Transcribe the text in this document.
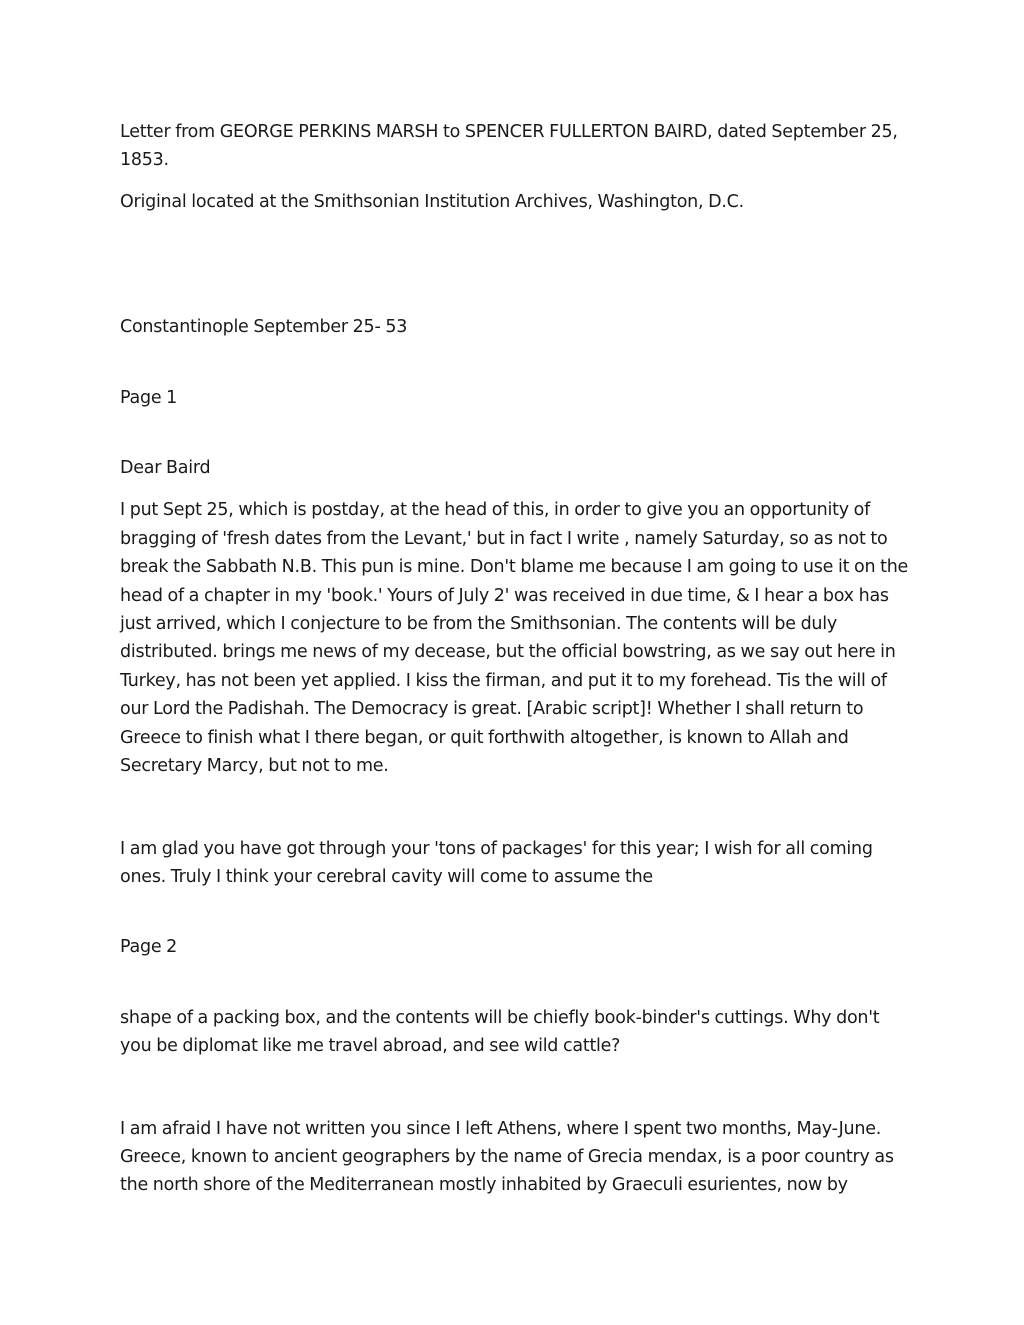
Letter from GEORGE PERKINS MARSH to SPENCER FULLERTON BAIRD, dated September 25, 1853.

Original located at the Smithsonian Institution Archives, Washington, D.C.

Constantinople September 25- 53

Page 1

Dear Baird

I put Sept 25, which is postday, at the head of this, in order to give you an opportunity of bragging of 'fresh dates from the Levant,' but in fact I write , namely Saturday, so as not to break the Sabbath N.B. This pun is mine. Don't blame me because I am going to use it on the head of a chapter in my 'book.' Yours of July 2' was received in due time, & I hear a box has just arrived, which I conjecture to be from the Smithsonian. The contents will be duly distributed. brings me news of my decease, but the official bowstring, as we say out here in Turkey, has not been yet applied. I kiss the firman, and put it to my forehead. Tis the will of our Lord the Padishah. The Democracy is great. [Arabic script]! Whether I shall return to Greece to finish what I there began, or quit forthwith altogether, is known to Allah and Secretary Marcy, but not to me.

I am glad you have got through your 'tons of packages' for this year; I wish for all coming ones. Truly I think your cerebral cavity will come to assume the

Page 2

shape of a packing box, and the contents will be chiefly book-binder's cuttings. Why don't you be diplomat like me travel abroad, and see wild cattle?

I am afraid I have not written you since I left Athens, where I spent two months, May-June. Greece, known to ancient geographers by the name of Grecia mendax, is a poor country as the north shore of the Mediterranean mostly inhabited by Graeculi esurientes, now by
